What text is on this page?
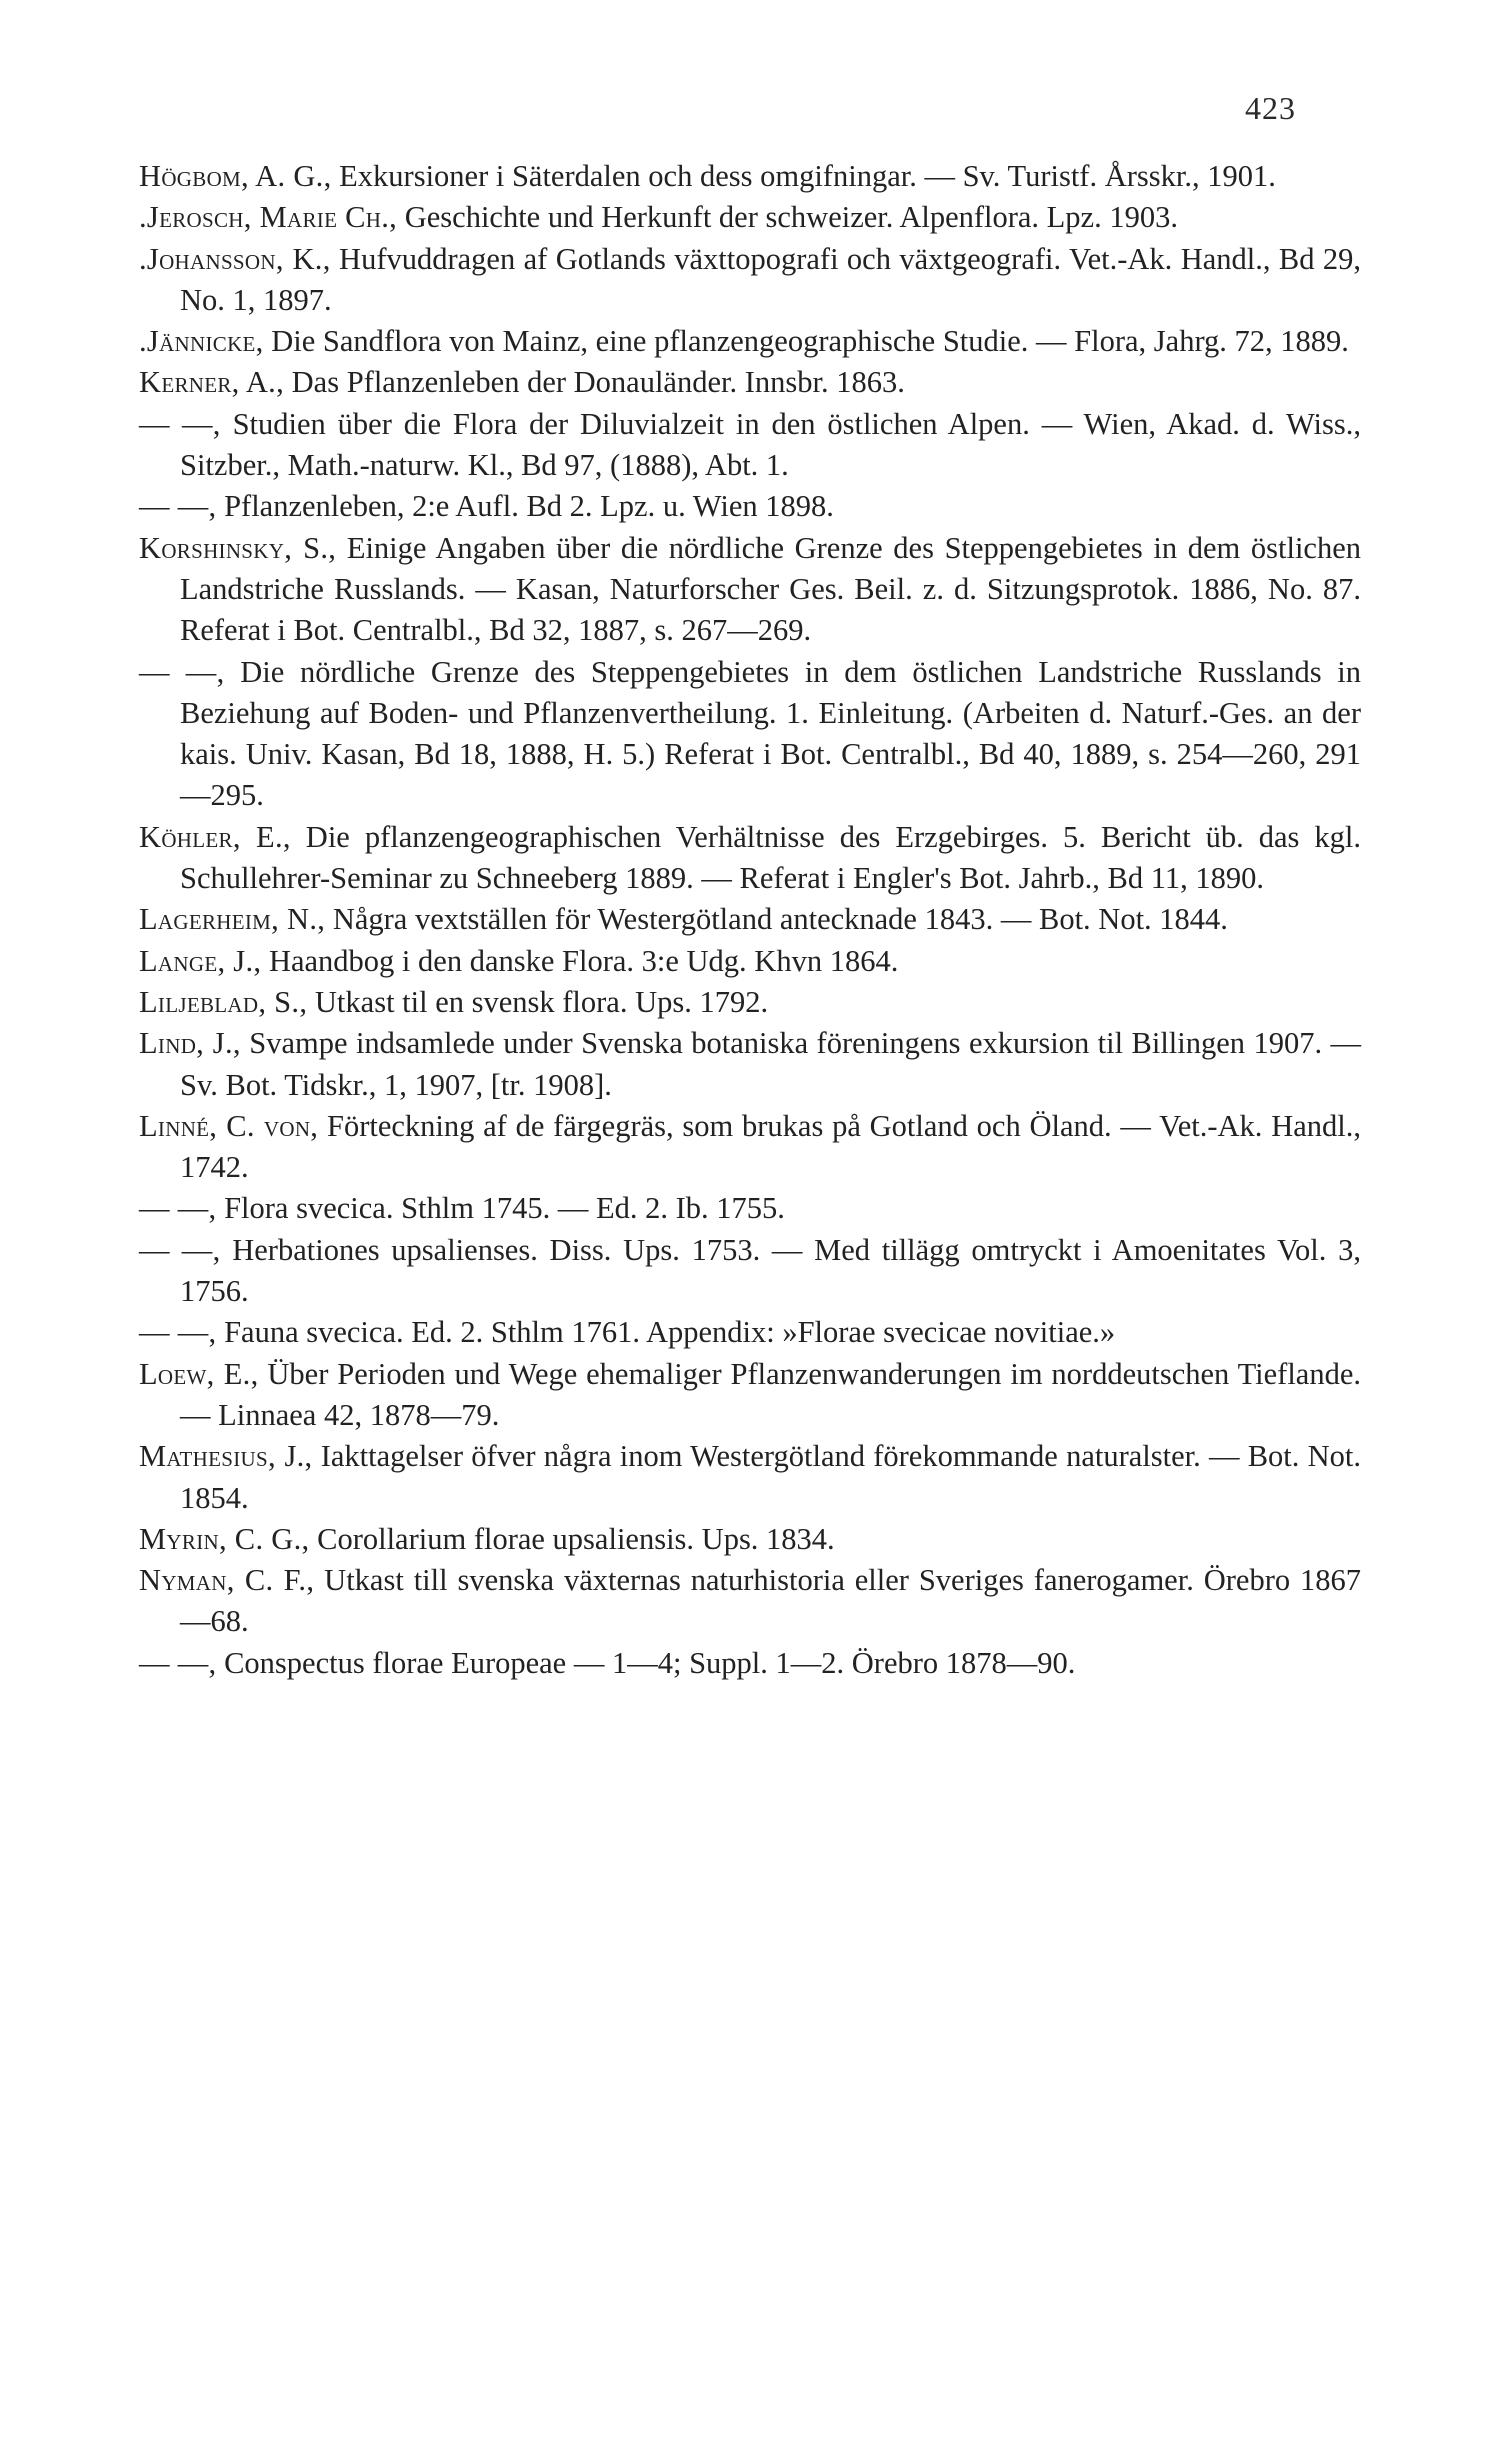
423
Högbom, A. G., Exkursioner i Säterdalen och dess omgifningar. — Sv. Turistf. Årsskr., 1901.
.Jerosch, Marie Ch., Geschichte und Herkunft der schweizer. Alpenflora. Lpz. 1903.
.Johansson, K., Hufvuddragen af Gotlands växttopografi och växtgeografi. Vet.-Ak. Handl., Bd 29, No. 1, 1897.
.Jännicke, Die Sandflora von Mainz, eine pflanzengeographische Studie. — Flora, Jahrg. 72, 1889.
Kerner, A., Das Pflanzenleben der Donauländer. Innsbr. 1863.
— —, Studien über die Flora der Diluvialzeit in den östlichen Alpen. — Wien, Akad. d. Wiss., Sitzber., Math.-naturw. Kl., Bd 97, (1888), Abt. 1.
— —, Pflanzenleben, 2:e Aufl. Bd 2. Lpz. u. Wien 1898.
Korshinsky, S., Einige Angaben über die nördliche Grenze des Steppengebietes in dem östlichen Landstriche Russlands. — Kasan, Naturforscher Ges. Beil. z. d. Sitzungsprotok. 1886, No. 87. Referat i Bot. Centralbl., Bd 32, 1887, s. 267—269.
— —, Die nördliche Grenze des Steppengebietes in dem östlichen Landstriche Russlands in Beziehung auf Boden- und Pflanzenvertheilung. 1. Einleitung. (Arbeiten d. Naturf.-Ges. an der kais. Univ. Kasan, Bd 18, 1888, H. 5.) Referat i Bot. Centralbl., Bd 40, 1889, s. 254—260, 291—295.
Köhler, E., Die pflanzengeographischen Verhältnisse des Erzgebirges. 5. Bericht üb. das kgl. Schullehrer-Seminar zu Schneeberg 1889. — Referat i Engler's Bot. Jahrb., Bd 11, 1890.
Lagerheim, N., Några vextställen för Westergötland antecknade 1843. — Bot. Not. 1844.
Lange, J., Haandbog i den danske Flora. 3:e Udg. Khvn 1864.
Liljeblad, S., Utkast til en svensk flora. Ups. 1792.
Lind, J., Svampe indsamlede under Svenska botaniska föreningens exkursion til Billingen 1907. — Sv. Bot. Tidskr., 1, 1907, [tr. 1908].
Linné, C. von, Förteckning af de färgegräs, som brukas på Gotland och Öland. — Vet.-Ak. Handl., 1742.
— —, Flora svecica. Sthlm 1745. — Ed. 2. Ib. 1755.
— —, Herbationes upsalienses. Diss. Ups. 1753. — Med tillägg omtryckt i Amoenitates Vol. 3, 1756.
— —, Fauna svecica. Ed. 2. Sthlm 1761. Appendix: »Florae svecicae novitiae.»
Loew, E., Über Perioden und Wege ehemaliger Pflanzenwanderungen im norddeutschen Tieflande. — Linnaea 42, 1878—79.
Mathesius, J., Iakttagelser öfver några inom Westergötland förekommande naturalster. — Bot. Not. 1854.
Myrin, C. G., Corollarium florae upsaliensis. Ups. 1834.
Nyman, C. F., Utkast till svenska växternas naturhistoria eller Sveriges fanerogamer. Örebro 1867—68.
— —, Conspectus florae Europeae — 1—4; Suppl. 1—2. Örebro 1878—90.
